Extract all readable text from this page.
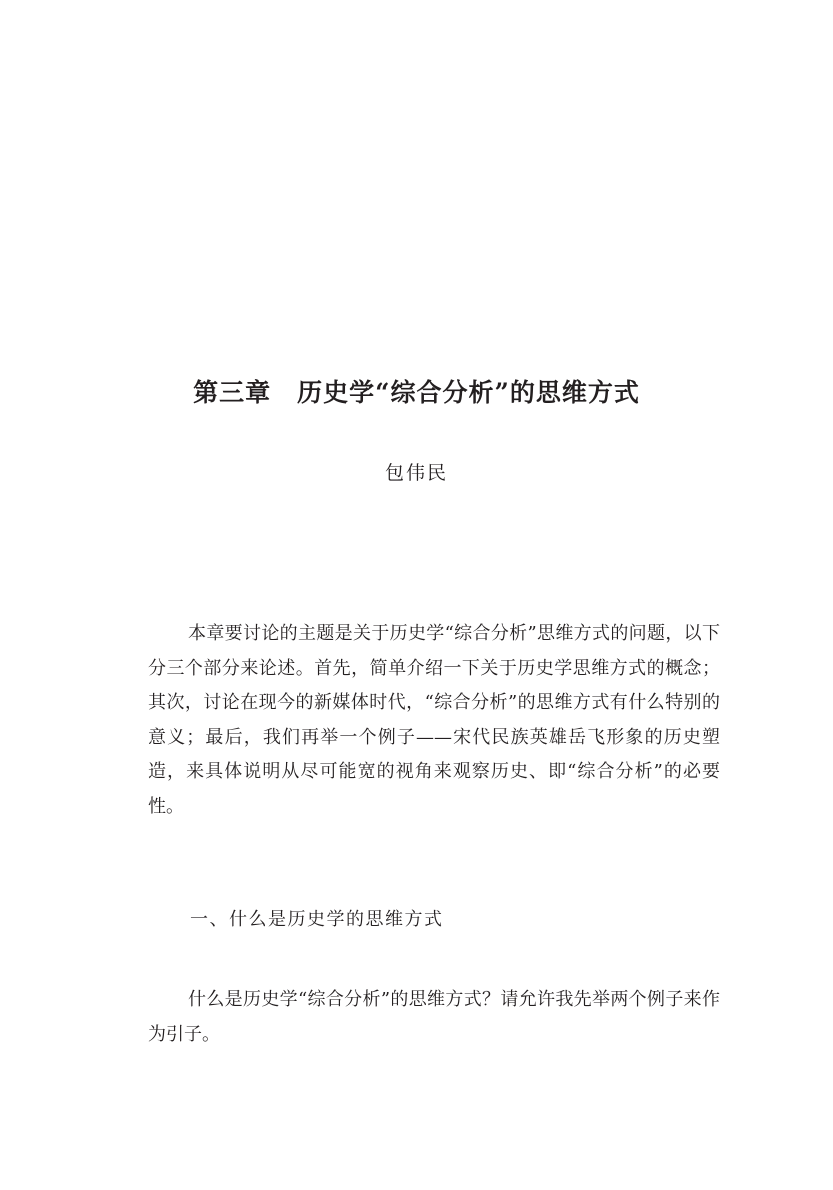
第三章　历史学“综合分析”的思维方式
包伟民

本章要讨论的主题是关于历史学“综合分析”思维方式的问题，以下分三个部分来论述。首先，简单介绍一下关于历史学思维方式的概念；其次，讨论在现今的新媒体时代，“综合分析”的思维方式有什么特别的意义；最后，我们再举一个例子——宋代民族英雄岳飞形象的历史塑造，来具体说明从尽可能宽的视角来观察历史、即“综合分析”的必要性。

一、什么是历史学的思维方式

什么是历史学“综合分析”的思维方式？请允许我先举两个例子来作为引子。
